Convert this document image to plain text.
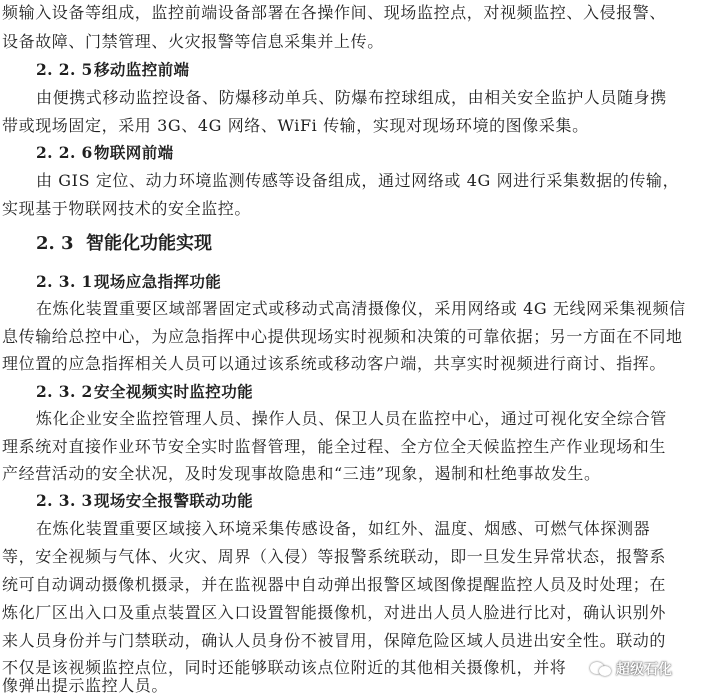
频输入设备等组成，监控前端设备部署在各操作间、现场监控点，对视频监控、入侵报警、
设备故障、门禁管理、火灾报警等信息采集并上传。
2. 2. 5移动监控前端
由便携式移动监控设备、防爆移动单兵、防爆布控球组成，由相关安全监护人员随身携
带或现场固定，采用 3G、4G 网络、WiFi 传输，实现对现场环境的图像采集。
2. 2. 6物联网前端
由 GIS 定位、动力环境监测传感等设备组成，通过网络或 4G 网进行采集数据的传输，
实现基于物联网技术的安全监控。
2. 3 智能化功能实现
2. 3. 1现场应急指挥功能
在炼化装置重要区域部署固定式或移动式高清摄像仪，采用网络或 4G 无线网采集视频信
息传输给总控中心，为应急指挥中心提供现场实时视频和决策的可靠依据；另一方面在不同地
理位置的应急指挥相关人员可以通过该系统或移动客户端，共享实时视频进行商讨、指挥。
2. 3. 2安全视频实时监控功能
炼化企业安全监控管理人员、操作人员、保卫人员在监控中心，通过可视化安全综合管
理系统对直接作业环节安全实时监督管理，能全过程、全方位全天候监控生产作业现场和生
产经营活动的安全状况，及时发现事故隐患和“三违”现象，遏制和杜绝事故发生。
2. 3. 3现场安全报警联动功能
在炼化装置重要区域接入环境采集传感设备，如红外、温度、烟感、可燃气体探测器
等，安全视频与气体、火灾、周界（入侵）等报警系统联动，即一旦发生异常状态，报警系
统可自动调动摄像机摄录，并在监视器中自动弹出报警区域图像提醒监控人员及时处理；在
炼化厂区出入口及重点装置区入口设置智能摄像机，对进出人员人脸进行比对，确认识别外
来人员身份并与门禁联动，确认人员身份不被冒用，保障危险区域人员进出安全性。联动的
不仅是该视频监控点位，同时还能够联动该点位附近的其他相关摄像机，并将
像弹出提示监控人员。
超级石化
